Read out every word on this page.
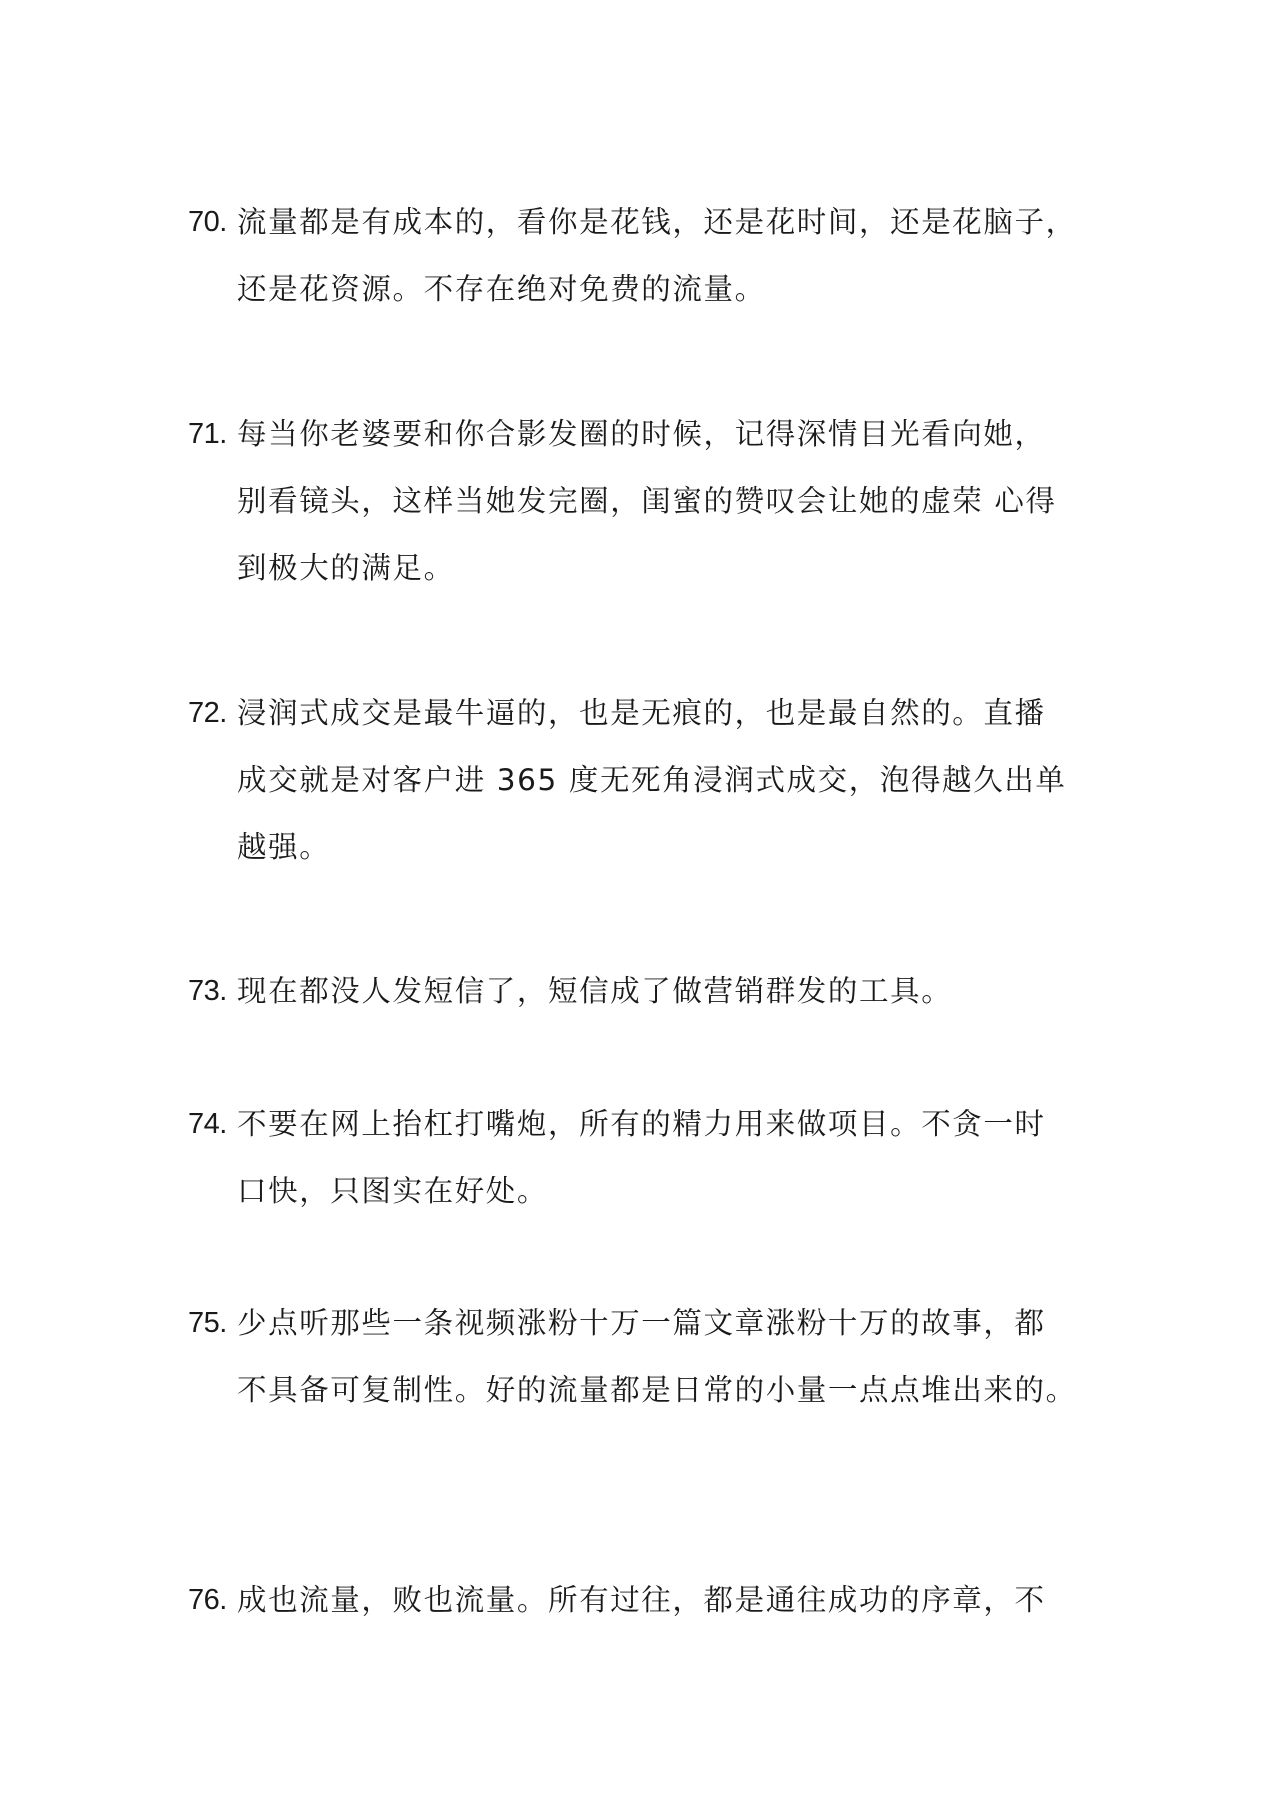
70. 流量都是有成本的，看你是花钱，还是花时间，还是花脑子，
还是花资源。不存在绝对免费的流量。
71. 每当你老婆要和你合影发圈的时候，记得深情目光看向她，
别看镜头，这样当她发完圈，闺蜜的赞叹会让她的虚荣 心得
到极大的满足。
72. 浸润式成交是最牛逼的，也是无痕的，也是最自然的。直播
成交就是对客户进 365 度无死角浸润式成交，泡得越久出单
越强。
73. 现在都没人发短信了，短信成了做营销群发的工具。
74. 不要在网上抬杠打嘴炮，所有的精力用来做项目。不贪一时
口快，只图实在好处。
75. 少点听那些一条视频涨粉十万一篇文章涨粉十万的故事，都
不具备可复制性。好的流量都是日常的小量一点点堆出来的。
76. 成也流量，败也流量。所有过往，都是通往成功的序章，不
